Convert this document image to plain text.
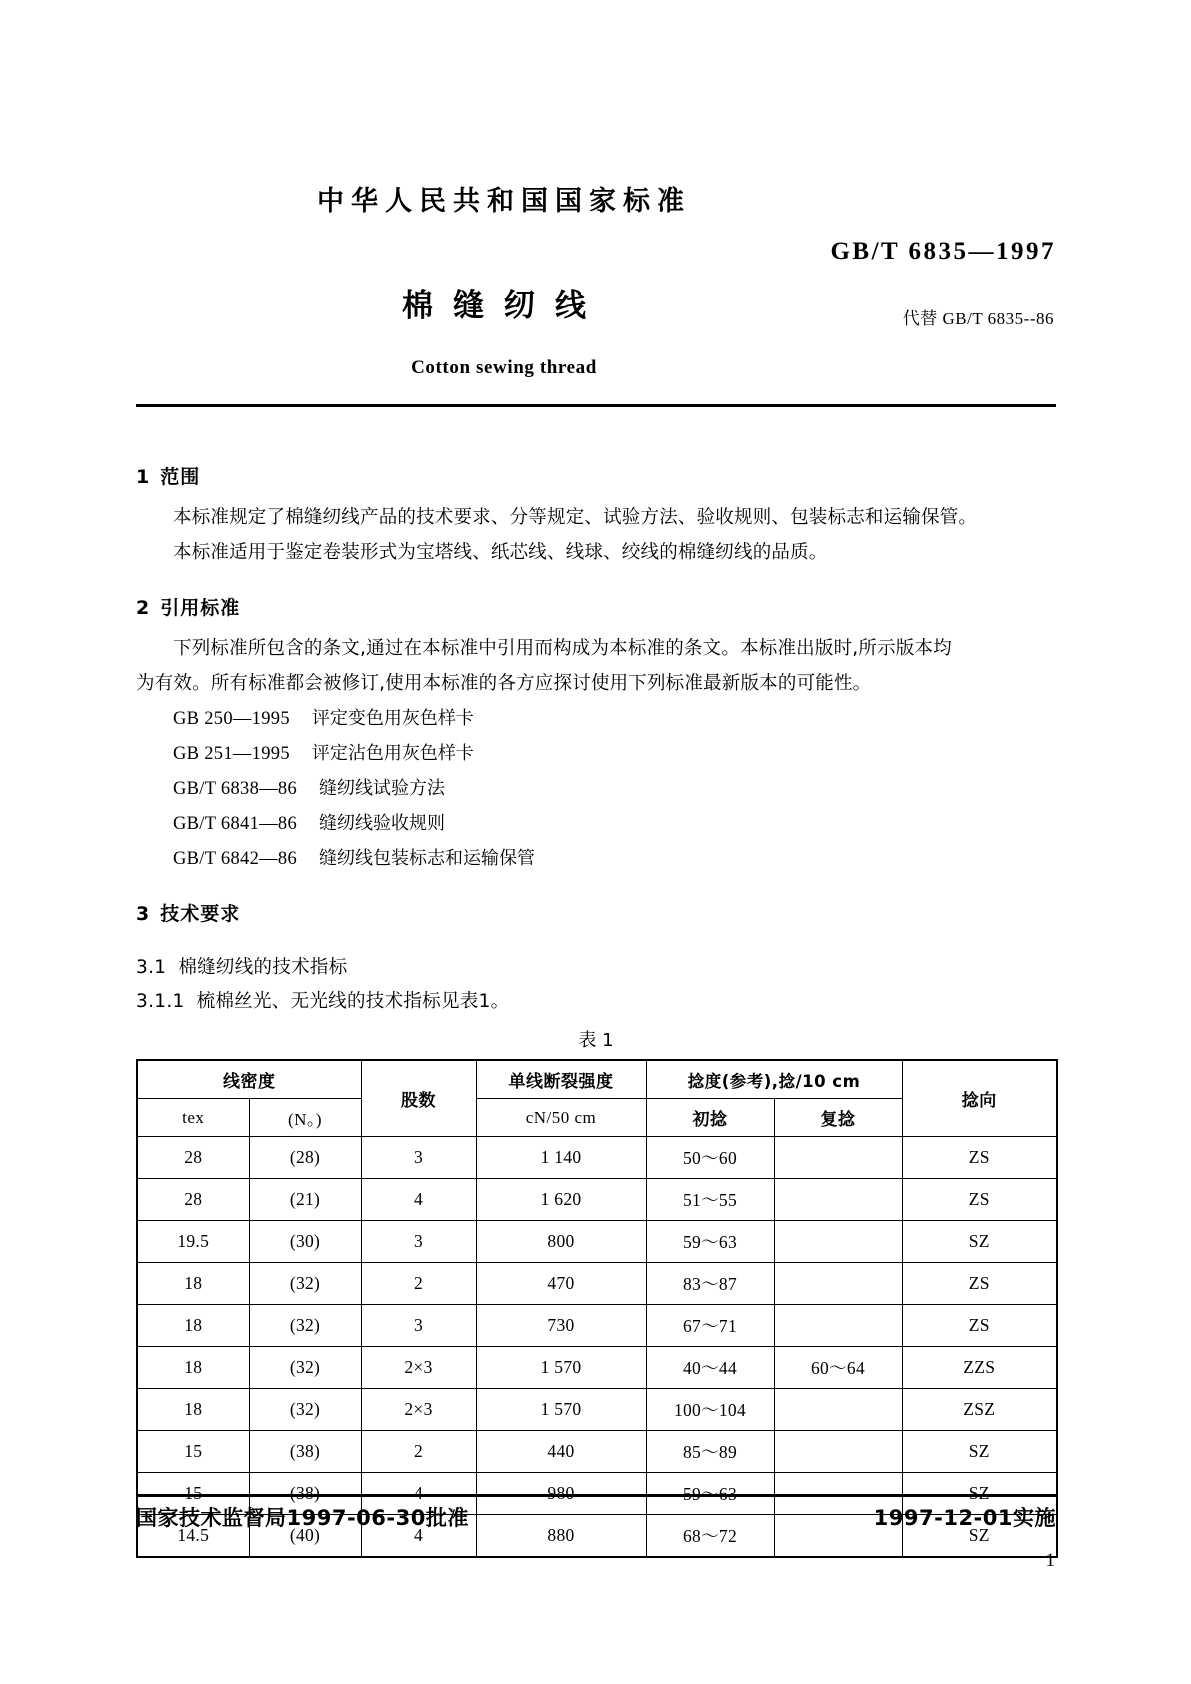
中华人民共和国国家标准
GB/T 6835—1997
棉缝纫线	代替 GB/T 6835--86
Cotton sewing thread
1 范围

本标准规定了棉缝纫线产品的技术要求、分等规定、试验方法、验收规则、包装标志和运输保管。

本标准适用于鉴定卷装形式为宝塔线、纸芯线、线球、绞线的棉缝纫线的品质。

2 引用标准

下列标准所包含的条文,通过在本标准中引用而构成为本标准的条文。本标准出版时,所示版本均

为有效。所有标准都会被修订,使用本标准的各方应探讨使用下列标准最新版本的可能性。

GB 250—1995 评定变色用灰色样卡
GB 251—1995 评定沾色用灰色样卡
GB/T 6838—86 缝纫线试验方法
GB/T 6841—86 缝纫线验收规则
GB/T 6842—86 缝纫线包装标志和运输保管
3 技术要求
3.1 棉缝纫线的技术指标
3.1.1 梳棉丝光、无光线的技术指标见表1。
表 1
线密度		股数	单线断裂强度	捻度(参考),捻/10 cm		捻向
tex	(N。)		cN/50 cm	初捻	复捻	
28	(28)	3	1 140	50～60		ZS
28	(21)	4	1 620	51～55		ZS
19.5	(30)	3	800	59～63		SZ
18	(32)	2	470	83～87		ZS
18	(32)	3	730	67～71		ZS
18	(32)	2×3	1 570	40～44	60～64	ZZS
18	(32)	2×3	1 570	100～104		ZSZ
15	(38)	2	440	85～89		SZ
15	(38)	4	980	59～63		SZ
14.5	(40)	4	880	68～72		SZ
国家技术监督局1997-06-30批准	1997-12-01实施
1
